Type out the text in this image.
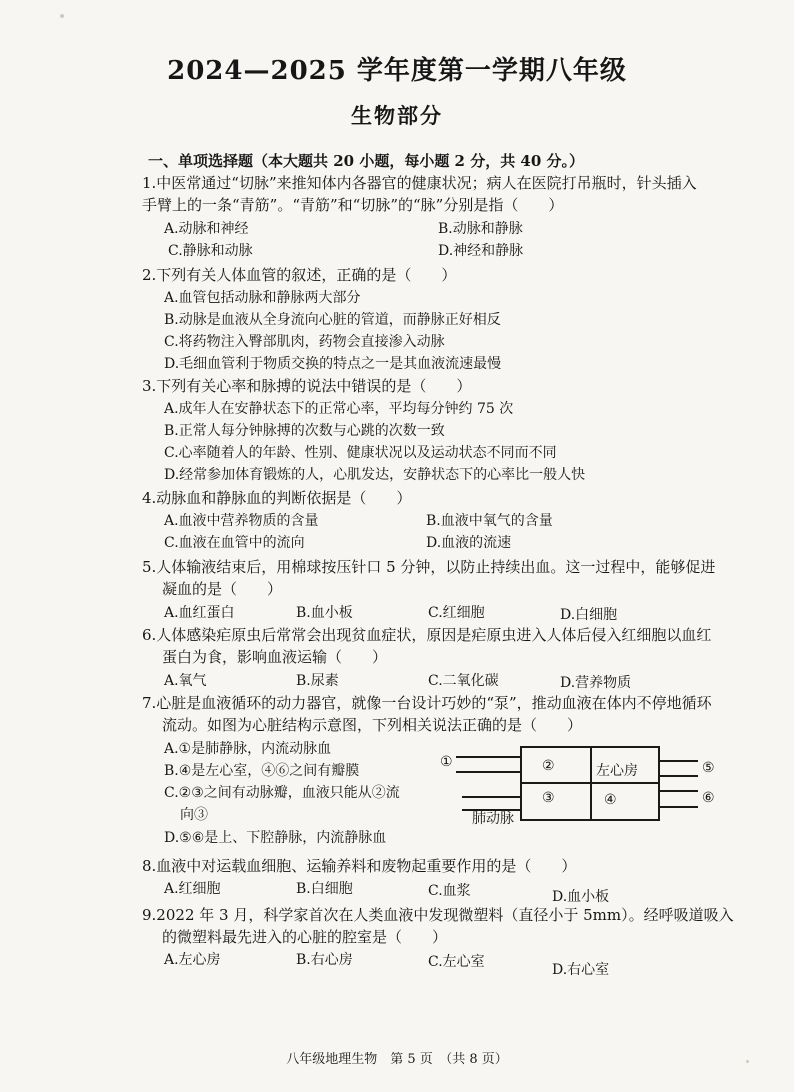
2024—2025 学年度第一学期八年级
生物部分
一、单项选择题（本大题共 20 小题，每小题 2 分，共 40 分。）
1.中医常通过“切脉”来推知体内各器官的健康状况；病人在医院打吊瓶时，针头插入
手臂上的一条“青筋”。“青筋”和“切脉”的“脉”分别是指（　　）
A.动脉和神经	B.动脉和静脉
C.静脉和动脉	D.神经和静脉
2.下列有关人体血管的叙述，正确的是（　　）
A.血管包括动脉和静脉两大部分
B.动脉是血液从全身流向心脏的管道，而静脉正好相反
C.将药物注入臀部肌肉，药物会直接渗入动脉
D.毛细血管利于物质交换的特点之一是其血液流速最慢
3.下列有关心率和脉搏的说法中错误的是（　　）
A.成年人在安静状态下的正常心率，平均每分钟约 75 次
B.正常人每分钟脉搏的次数与心跳的次数一致
C.心率随着人的年龄、性别、健康状况以及运动状态不同而不同
D.经常参加体育锻炼的人，心肌发达，安静状态下的心率比一般人快
4.动脉血和静脉血的判断依据是（　　）
A.血液中营养物质的含量	B.血液中氧气的含量
C.血液在血管中的流向	D.血液的流速
5.人体输液结束后，用棉球按压针口 5 分钟，以防止持续出血。这一过程中，能够促进
凝血的是（　　）
A.血红蛋白	B.血小板	C.红细胞	D.白细胞
6.人体感染疟原虫后常常会出现贫血症状，原因是疟原虫进入人体后侵入红细胞以血红
蛋白为食，影响血液运输（　　）
A.氧气	B.尿素	C.二氧化碳	D.营养物质
7.心脏是血液循环的动力器官，就像一台设计巧妙的“泵”，推动血液在体内不停地循环
流动。如图为心脏结构示意图，下列相关说法正确的是（　　）
A.①是肺静脉，内流动脉血
B.④是左心室，④⑥之间有瓣膜
C.②③之间有动脉瓣，血液只能从②流
向③
D.⑤⑥是上、下腔静脉，内流静脉血
①	②	左心房
③	④
⑤
⑥
肺动脉
8.血液中对运载血细胞、运输养料和废物起重要作用的是（　　）
A.红细胞	B.白细胞	C.血浆	D.血小板
9.2022 年 3 月，科学家首次在人类血液中发现微塑料（直径小于 5mm）。经呼吸道吸入
的微塑料最先进入的心脏的腔室是（　　）
A.左心房	B.右心房	C.左心室	D.右心室
八年级地理生物　第 5 页　（共 8 页）
